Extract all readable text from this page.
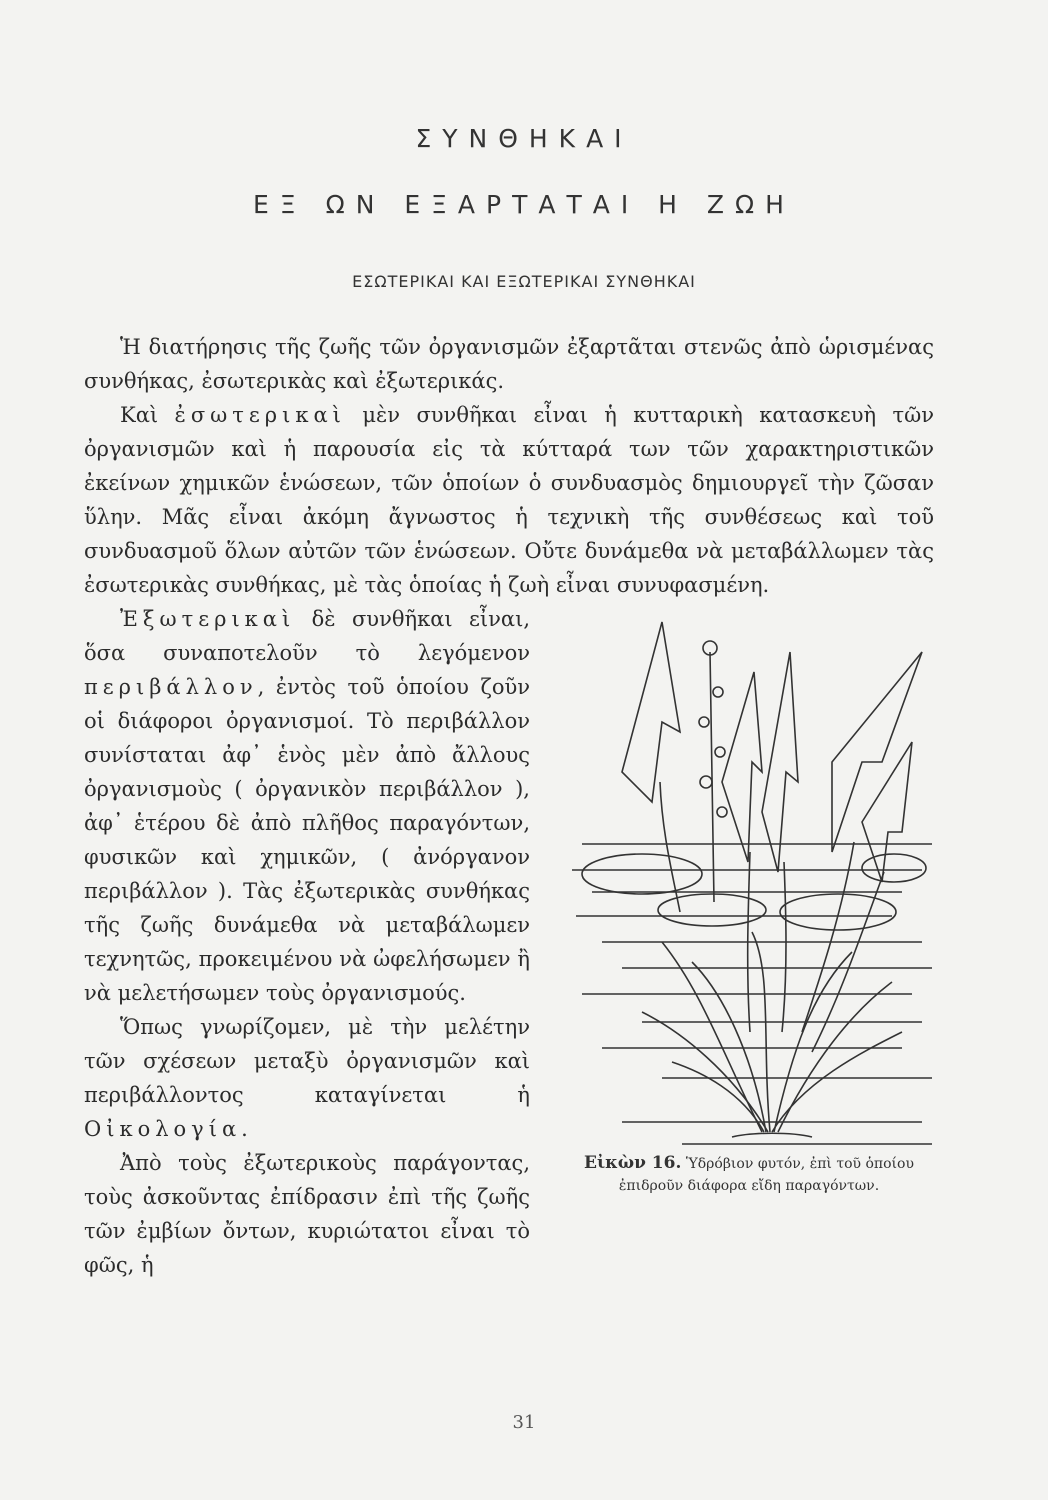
ΣΥΝΘΗΚΑΙ
ΕΞ ΩΝ ΕΞΑΡΤΑΤΑΙ Η ΖΩΗ
ΕΣΩΤΕΡΙΚΑΙ ΚΑΙ ΕΞΩΤΕΡΙΚΑΙ ΣΥΝΘΗΚΑΙ

Ἡ διατήρησις τῆς ζωῆς τῶν ὀργανισμῶν ἐξαρτᾶται στενῶς ἀπὸ ὡρισμένας συνθήκας, ἐσωτερικὰς καὶ ἐξωτερικάς.

Καὶ ἐσωτερικαὶ μὲν συνθῆκαι εἶναι ἡ κυτταρικὴ κατασκευὴ τῶν ὀργανισμῶν καὶ ἡ παρουσία εἰς τὰ κύτταρά των τῶν χαρακτηριστικῶν ἐκείνων χημικῶν ἑνώσεων, τῶν ὁποίων ὁ συνδυασμὸς δημιουργεῖ τὴν ζῶσαν ὕλην. Μᾶς εἶναι ἀκόμη ἄγνωστος ἡ τεχνικὴ τῆς συνθέσεως καὶ τοῦ συνδυασμοῦ ὅλων αὐτῶν τῶν ἑνώσεων. Οὔτε δυνάμεθα νὰ μεταβάλλωμεν τὰς ἐσωτερικὰς συνθήκας, μὲ τὰς ὁποίας ἡ ζωὴ εἶναι συνυφασμένη.

Εἰκὼν 16. Ὑδρόβιον φυτόν, ἐπὶ τοῦ ὁποίου ἐπιδροῦν διάφορα εἴδη παραγόντων.

Ἐξωτερικαὶ δὲ συνθῆκαι εἶναι, ὅσα συναποτελοῦν τὸ λεγόμενον περιβάλλον, ἐντὸς τοῦ ὁποίου ζοῦν οἱ διάφοροι ὀργανισμοί. Τὸ περιβάλλον συνίσταται ἀφ᾽ ἑνὸς μὲν ἀπὸ ἄλλους ὀργανισμοὺς ( ὀργανικὸν περιβάλλον ), ἀφ᾽ ἑτέρου δὲ ἀπὸ πλῆθος παραγόντων, φυσικῶν καὶ χημικῶν, ( ἀνόργανον περιβάλλον ). Τὰς ἐξωτερικὰς συνθήκας τῆς ζωῆς δυνάμεθα νὰ μεταβάλωμεν τεχνητῶς, προκειμένου νὰ ὠφελήσωμεν ἢ νὰ μελετήσωμεν τοὺς ὀργανισμούς.

Ὅπως γνωρίζομεν, μὲ τὴν μελέτην τῶν σχέσεων μεταξὺ ὀργανισμῶν καὶ περιβάλλοντος καταγίνεται ἡ Οἰκολογία.

Ἀπὸ τοὺς ἐξωτερικοὺς παράγοντας, τοὺς ἀσκοῦντας ἐπίδρασιν ἐπὶ τῆς ζωῆς τῶν ἐμβίων ὄντων, κυριώτατοι εἶναι τὸ φῶς, ἡ

31
